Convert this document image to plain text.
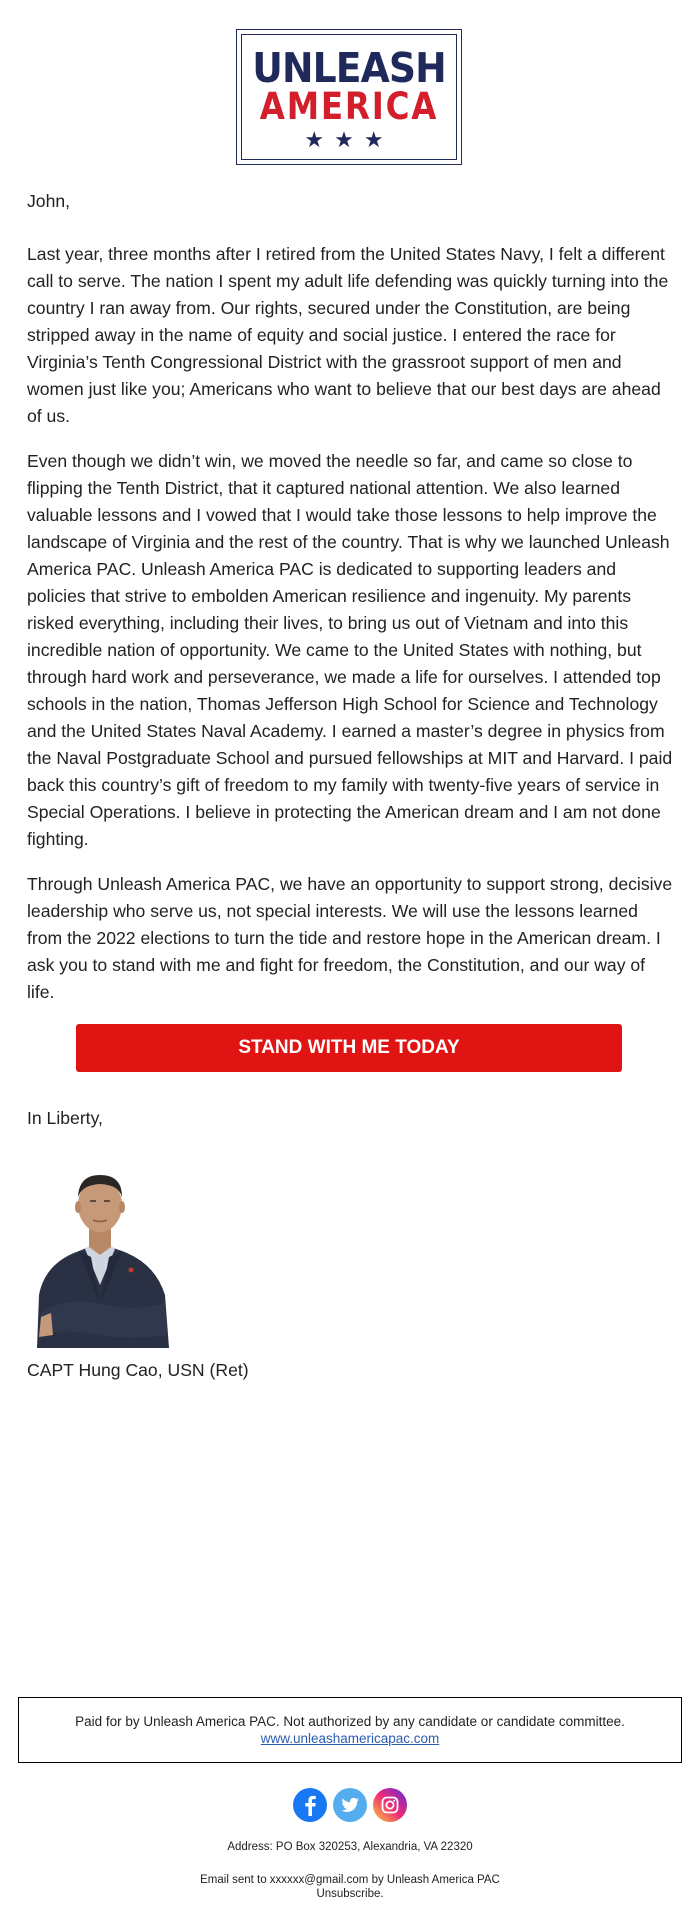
UNLEASH
AMERICA
★★★
John,
Last year, three months after I retired from the United States Navy, I felt a different call to serve. The nation I spent my adult life defending was quickly turning into the country I ran away from. Our rights, secured under the Constitution, are being stripped away in the name of equity and social justice. I entered the race for Virginia’s Tenth Congressional District with the grassroot support of men and women just like you; Americans who want to believe that our best days are ahead of us.
Even though we didn’t win, we moved the needle so far, and came so close to flipping the Tenth District, that it captured national attention. We also learned valuable lessons and I vowed that I would take those lessons to help improve the landscape of Virginia and the rest of the country. That is why we launched Unleash America PAC. Unleash America PAC is dedicated to supporting leaders and policies that strive to embolden American resilience and ingenuity. My parents risked everything, including their lives, to bring us out of Vietnam and into this incredible nation of opportunity. We came to the United States with nothing, but through hard work and perseverance, we made a life for ourselves. I attended top schools in the nation, Thomas Jefferson High School for Science and Technology and the United States Naval Academy. I earned a master’s degree in physics from the Naval Postgraduate School and pursued fellowships at MIT and Harvard. I paid back this country’s gift of freedom to my family with twenty-five years of service in Special Operations. I believe in protecting the American dream and I am not done fighting.
Through Unleash America PAC, we have an opportunity to support strong, decisive leadership who serve us, not special interests. We will use the lessons learned from the 2022 elections to turn the tide and restore hope in the American dream. I ask you to stand with me and fight for freedom, the Constitution, and our way of life.
STAND WITH ME TODAY
In Liberty,
CAPT Hung Cao, USN (Ret)
Paid for by Unleash America PAC. Not authorized by any candidate or candidate committee.
www.unleashamericapac.com

Address: PO Box 320253, Alexandria, VA 22320
Email sent to xxxxxx@gmail.com by Unleash America PAC
Unsubscribe.
